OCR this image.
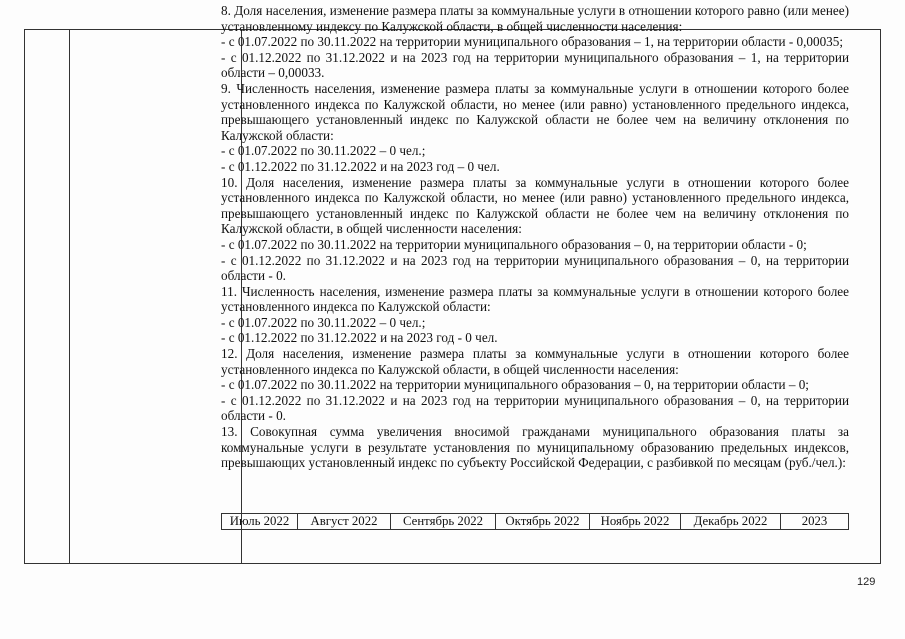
8. Доля населения, изменение размера платы за коммунальные услуги в отношении которого равно (или менее) установленному индексу по Калужской области, в общей численности населения:

- с 01.07.2022 по 30.11.2022 на территории муниципального образования – 1, на территории области - 0,00035;

- с 01.12.2022 по 31.12.2022 и на 2023 год на территории муниципального образования – 1, на территории области – 0,00033.

9. Численность населения, изменение размера платы за коммунальные услуги в отношении которого более установленного индекса по Калужской области, но менее (или равно) установленного предельного индекса, превышающего установленный индекс по Калужской области не более чем на величину отклонения по Калужской области:

- с 01.07.2022 по 30.11.2022 – 0 чел.;

- с 01.12.2022 по 31.12.2022 и на 2023 год – 0 чел.

10. Доля населения, изменение размера платы за коммунальные услуги в отношении которого более установленного индекса по Калужской области, но менее (или равно) установленного предельного индекса, превышающего установленный индекс по Калужской области не более чем на величину отклонения по Калужской области, в общей численности населения:

- с 01.07.2022 по 30.11.2022 на территории муниципального образования – 0, на территории области - 0;

- с 01.12.2022 по 31.12.2022 и на 2023 год на территории муниципального образования – 0, на территории области - 0.

11. Численность населения, изменение размера платы за коммунальные услуги в отношении которого более установленного индекса по Калужской области:

- с 01.07.2022 по 30.11.2022 – 0 чел.;

- с 01.12.2022 по 31.12.2022 и на 2023 год - 0 чел.

12. Доля населения, изменение размера платы за коммунальные услуги в отношении которого более установленного индекса по Калужской области, в общей численности населения:

- с 01.07.2022 по 30.11.2022 на территории муниципального образования – 0, на территории области – 0;

- с 01.12.2022 по 31.12.2022 и на 2023 год на территории муниципального образования – 0, на территории области - 0.

13. Совокупная сумма увеличения вносимой гражданами муниципального образования платы за коммунальные услуги в результате установления по муниципальному образованию предельных индексов, превышающих установленный индекс по субъекту Российской Федерации, с разбивкой по месяцам (руб./чел.):

Июль 2022	Август 2022	Сентябрь 2022	Октябрь 2022	Ноябрь 2022	Декабрь 2022	2023
129
